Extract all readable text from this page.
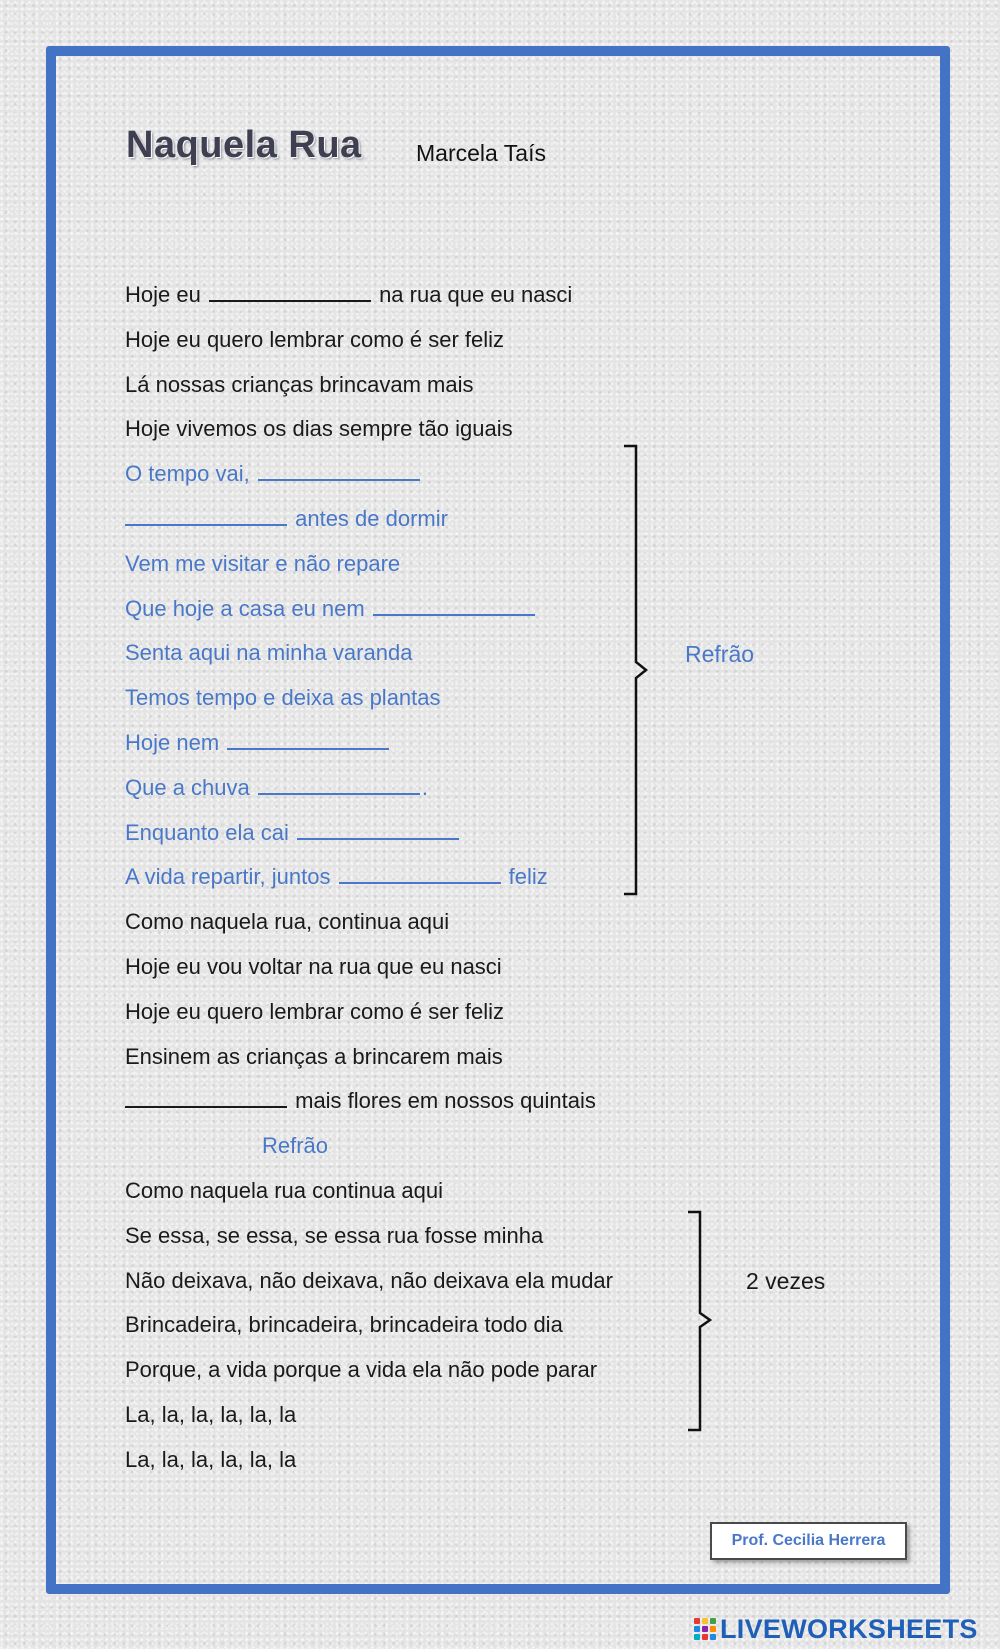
Naquela Rua Marcela Taís
Hoje eu	na rua que eu nasci
Hoje eu quero lembrar como é ser feliz
Lá nossas crianças brincavam mais
Hoje vivemos os dias sempre tão iguais
O tempo vai,
antes de dormir
Vem me visitar e não repare
Que hoje a casa eu nem
Senta aqui na minha varanda
Temos tempo e deixa as plantas
Hoje nem
Que a chuva	.
Enquanto ela cai
A vida repartir, juntos	feliz
Como naquela rua, continua aqui
Hoje eu vou voltar na rua que eu nasci
Hoje eu quero lembrar como é ser feliz
Ensinem as crianças a brincarem mais
mais flores em nossos quintais
Refrão
Como naquela rua continua aqui
Se essa, se essa, se essa rua fosse minha
Não deixava, não deixava, não deixava ela mudar
Brincadeira, brincadeira, brincadeira todo dia
Porque, a vida porque a vida ela não pode parar
La, la, la, la, la, la
La, la, la, la, la, la
Refrão
2 vezes
Prof. Cecilia Herrera
LIVEWORKSHEETS
